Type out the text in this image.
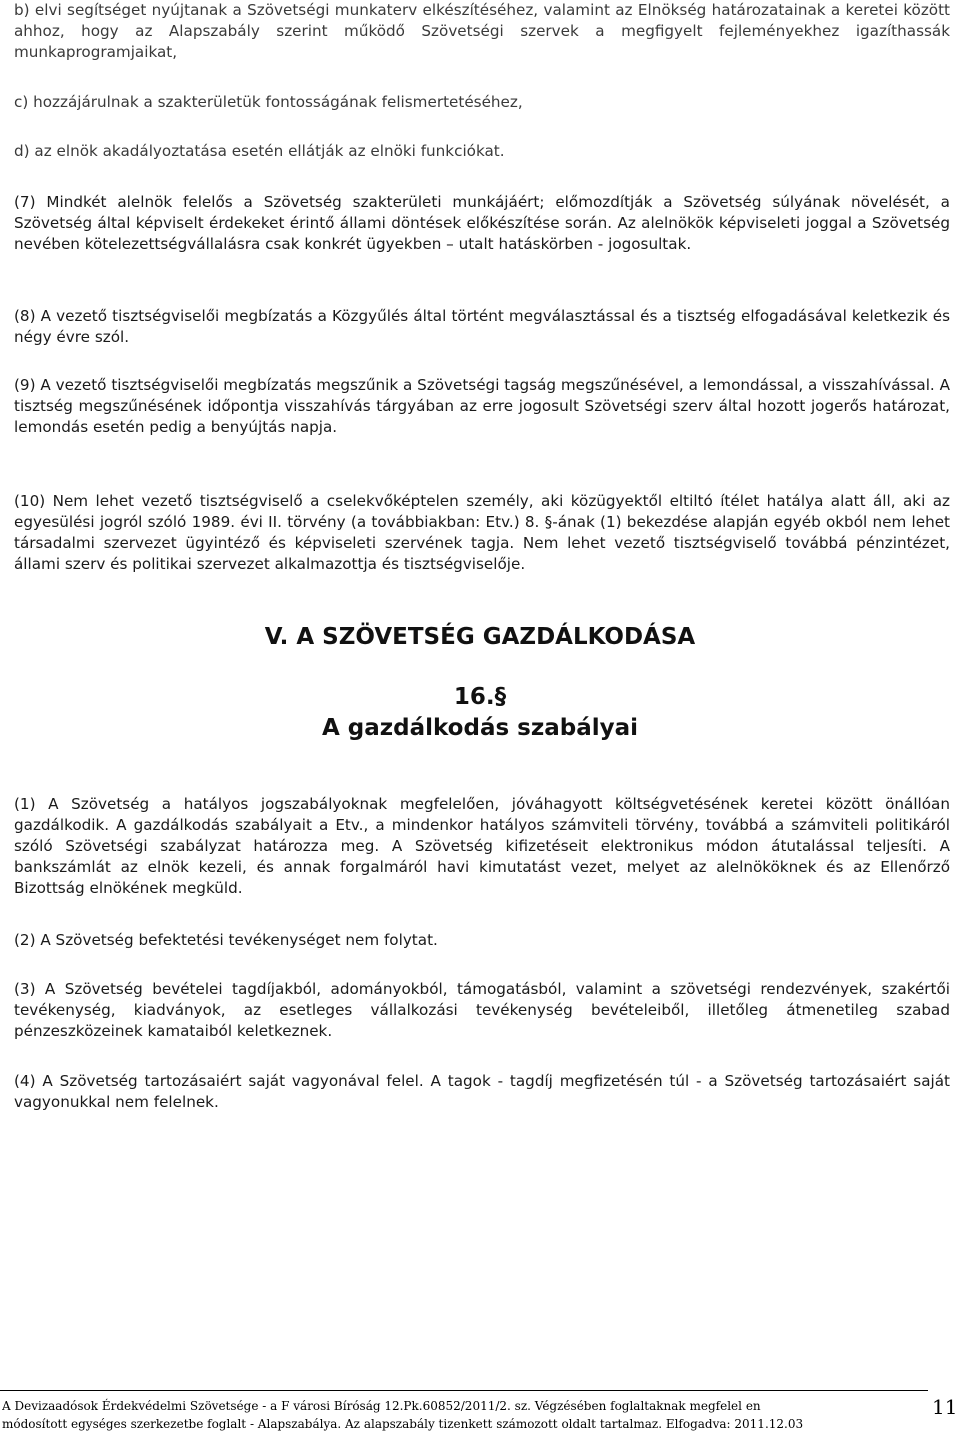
b) elvi segítséget nyújtanak a Szövetségi munkaterv elkészítéséhez, valamint az Elnökség határozatainak a keretei között ahhoz, hogy az Alapszabály szerint működő Szövetségi szervek a megfigyelt fejleményekhez igazíthassák munkaprogramjaikat,

c) hozzájárulnak a szakterületük fontosságának felismertetéséhez,

d) az elnök akadályoztatása esetén ellátják az elnöki funkciókat.

(7) Mindkét alelnök felelős a Szövetség szakterületi munkájáért; előmozdítják a Szövetség súlyának növelését, a Szövetség által képviselt érdekeket érintő állami döntések előkészítése során. Az alelnökök képviseleti joggal a Szövetség nevében kötelezettségvállalásra csak konkrét ügyekben – utalt hatáskörben - jogosultak.

(8) A vezető tisztségviselői megbízatás a Közgyűlés által történt megválasztással és a tisztség elfogadásával keletkezik és négy évre szól.

(9) A vezető tisztségviselői megbízatás megszűnik a Szövetségi tagság megszűnésével, a lemondással, a visszahívással. A tisztség megszűnésének időpontja visszahívás tárgyában az erre jogosult Szövetségi szerv által hozott jogerős határozat, lemondás esetén pedig a benyújtás napja.

(10) Nem lehet vezető tisztségviselő a cselekvőképtelen személy, aki közügyektől eltiltó ítélet hatálya alatt áll, aki az egyesülési jogról szóló 1989. évi II. törvény (a továbbiakban: Etv.) 8. §-ának (1) bekezdése alapján egyéb okból nem lehet társadalmi szervezet ügyintéző és képviseleti szervének tagja. Nem lehet vezető tisztségviselő továbbá pénzintézet, állami szerv és politikai szervezet alkalmazottja és tisztségviselője.

V. A SZÖVETSÉG GAZDÁLKODÁSA
16.§
A gazdálkodás szabályai

(1) A Szövetség a hatályos jogszabályoknak megfelelően, jóváhagyott költségvetésének keretei között önállóan gazdálkodik. A gazdálkodás szabályait a Etv., a mindenkor hatályos számviteli törvény, továbbá a számviteli politikáról szóló Szövetségi szabályzat határozza meg. A Szövetség kifizetéseit elektronikus módon átutalással teljesíti. A bankszámlát az elnök kezeli, és annak forgalmáról havi kimutatást vezet, melyet az alelnököknek és az Ellenőrző Bizottság elnökének megküld.

(2) A Szövetség befektetési tevékenységet nem folytat.

(3) A Szövetség bevételei tagdíjakból, adományokból, támogatásból, valamint a szövetségi rendezvények, szakértői tevékenység, kiadványok, az esetleges vállalkozási tevékenység bevételeiből, illetőleg átmenetileg szabad pénzeszközeinek kamataiból keletkeznek.

(4) A Szövetség tartozásaiért saját vagyonával felel. A tagok - tagdíj megfizetésén túl - a Szövetség tartozásaiért saját vagyonukkal nem felelnek.

A Devizaadósok Érdekvédelmi Szövetsége - a F városi Bíróság 12.Pk.60852/2011/2. sz. Végzésében foglaltaknak megfelel en

módosított egységes szerkezetbe foglalt - Alapszabálya. Az alapszabály tizenkett számozott oldalt tartalmaz. Elfogadva: 2011.12.03

11
